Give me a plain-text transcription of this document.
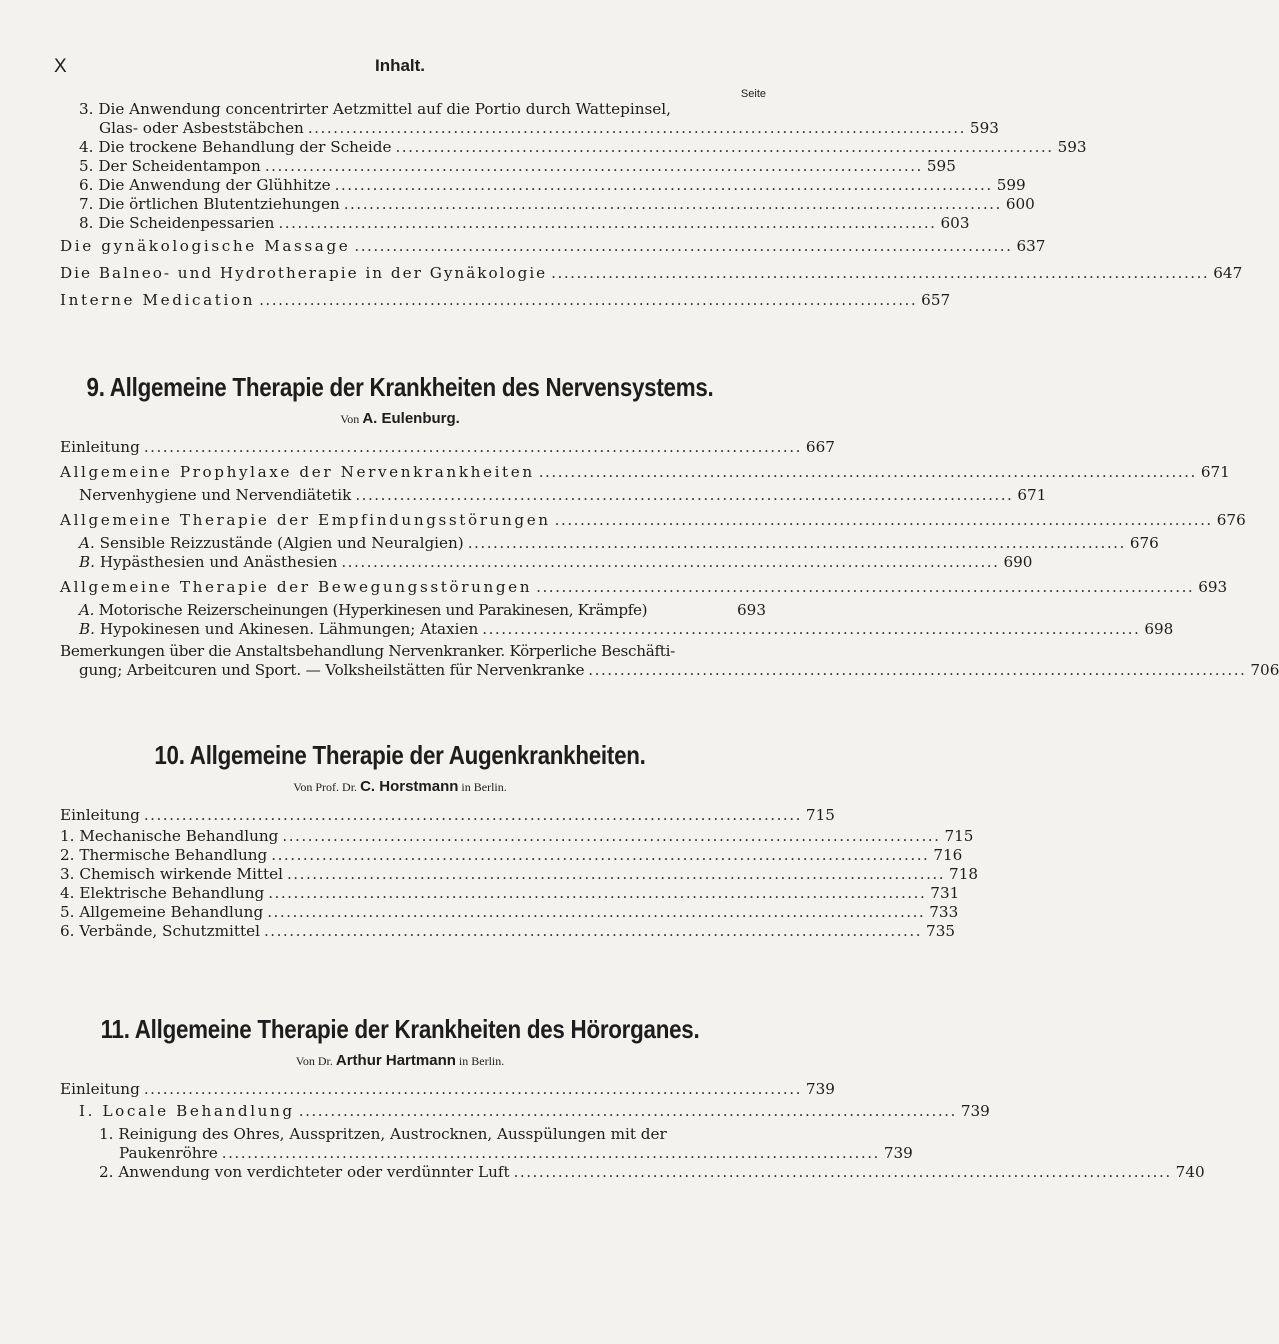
X	Inhalt.
Seite
3. Die Anwendung concentrirter Aetzmittel auf die Portio durch Wattepinsel,
Glas- oder Asbeststäbchen ........................................................................................................ 593
4. Die trockene Behandlung der Scheide ........................................................................................................ 593
5. Der Scheidentampon ........................................................................................................ 595
6. Die Anwendung der Glühhitze ........................................................................................................ 599
7. Die örtlichen Blutentziehungen ........................................................................................................ 600
8. Die Scheidenpessarien ........................................................................................................ 603
Die gynäkologische Massage ........................................................................................................ 637
Die Balneo- und Hydrotherapie in der Gynäkologie ........................................................................................................ 647
Interne Medication ........................................................................................................ 657
9. Allgemeine Therapie der Krankheiten des Nervensystems.
Von A. Eulenburg.
Einleitung ........................................................................................................ 667
Allgemeine Prophylaxe der Nervenkrankheiten ........................................................................................................ 671
Nervenhygiene und Nervendiätetik ........................................................................................................ 671
Allgemeine Therapie der Empfindungsstörungen ........................................................................................................ 676
A. Sensible Reizzustände (Algien und Neuralgien) ........................................................................................................ 676
B. Hypästhesien und Anästhesien ........................................................................................................ 690
Allgemeine Therapie der Bewegungsstörungen ........................................................................................................ 693
A. Motorische Reizerscheinungen (Hyperkinesen und Parakinesen, Krämpfe)	693
B. Hypokinesen und Akinesen. Lähmungen; Ataxien ........................................................................................................ 698
Bemerkungen über die Anstaltsbehandlung Nervenkranker. Körperliche Beschäfti-
gung; Arbeitcuren und Sport. — Volksheilstätten für Nervenkranke ........................................................................................................ 706
10. Allgemeine Therapie der Augenkrankheiten.
Von Prof. Dr. C. Horstmann in Berlin.
Einleitung ........................................................................................................ 715
1. Mechanische Behandlung ........................................................................................................ 715
2. Thermische Behandlung ........................................................................................................ 716
3. Chemisch wirkende Mittel ........................................................................................................ 718
4. Elektrische Behandlung ........................................................................................................ 731
5. Allgemeine Behandlung ........................................................................................................ 733
6. Verbände, Schutzmittel ........................................................................................................ 735
11. Allgemeine Therapie der Krankheiten des Hörorganes.
Von Dr. Arthur Hartmann in Berlin.
Einleitung ........................................................................................................ 739
I. Locale Behandlung ........................................................................................................ 739
1. Reinigung des Ohres, Ausspritzen, Austrocknen, Ausspülungen mit der
Paukenröhre ........................................................................................................ 739
2. Anwendung von verdichteter oder verdünnter Luft ........................................................................................................ 740
